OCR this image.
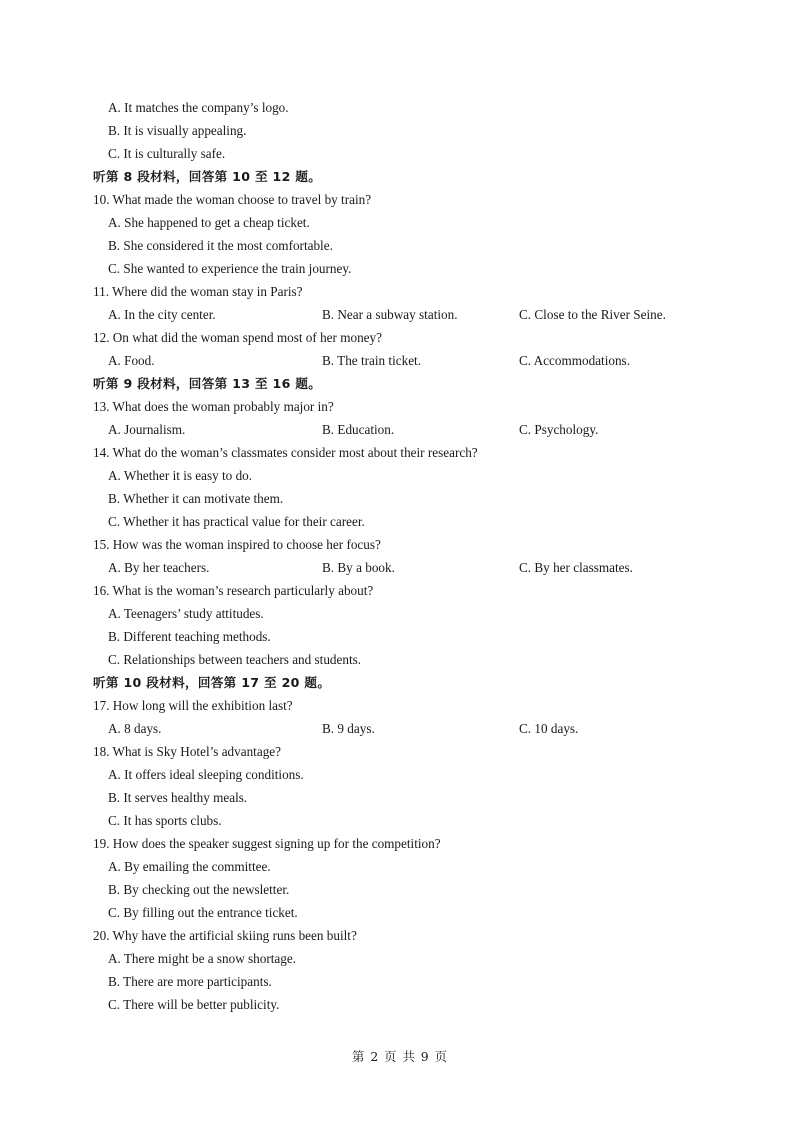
A. It matches the company’s logo.
B. It is visually appealing.
C. It is culturally safe.
听第 8 段材料，回答第 10 至 12 题。
10. What made the woman choose to travel by train?
A. She happened to get a cheap ticket.
B. She considered it the most comfortable.
C. She wanted to experience the train journey.
11. Where did the woman stay in Paris?
A. In the city center.	B. Near a subway station.	C. Close to the River Seine.
12. On what did the woman spend most of her money?
A. Food.	B. The train ticket.	C. Accommodations.
听第 9 段材料，回答第 13 至 16 题。
13. What does the woman probably major in?
A. Journalism.	B. Education.	C. Psychology.
14. What do the woman’s classmates consider most about their research?
A. Whether it is easy to do.
B. Whether it can motivate them.
C. Whether it has practical value for their career.
15. How was the woman inspired to choose her focus?
A. By her teachers.	B. By a book.	C. By her classmates.
16. What is the woman’s research particularly about?
A. Teenagers’ study attitudes.
B. Different teaching methods.
C. Relationships between teachers and students.
听第 10 段材料，回答第 17 至 20 题。
17. How long will the exhibition last?
A. 8 days.	B. 9 days.	C. 10 days.
18. What is Sky Hotel’s advantage?
A. It offers ideal sleeping conditions.
B. It serves healthy meals.
C. It has sports clubs.
19. How does the speaker suggest signing up for the competition?
A. By emailing the committee.
B. By checking out the newsletter.
C. By filling out the entrance ticket.
20. Why have the artificial skiing runs been built?
A. There might be a snow shortage.
B. There are more participants.
C. There will be better publicity.
第 2 页 共 9 页
